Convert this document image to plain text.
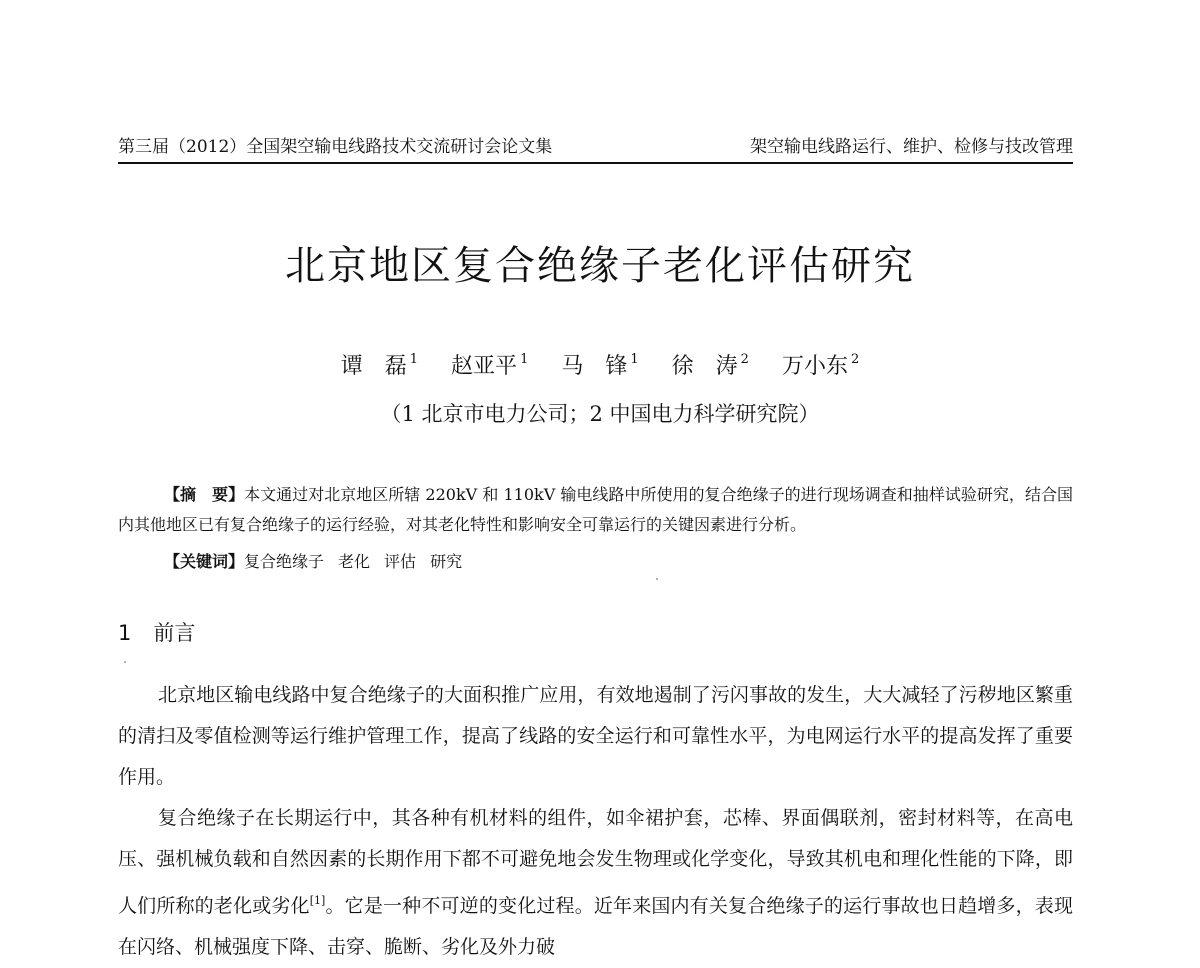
第三届（2012）全国架空输电线路技术交流研讨会论文集	架空输电线路运行、维护、检修与技改管理
北京地区复合绝缘子老化评估研究
谭　磊 $^1$ 赵亚平 $^1$ 马　锋 $^1$ 徐　涛 $^2$ 万小东 $^2$
（1 北京市电力公司；2 中国电力科学研究院）

【摘　要】本文通过对北京地区所辖 220kV 和 110kV 输电线路中所使用的复合绝缘子的进行现场调查和抽样试验研究，结合国内其他地区已有复合绝缘子的运行经验，对其老化特性和影响安全可靠运行的关键因素进行分析。

【关键词】复合绝缘子 老化 评估 研究
1 前言

北京地区输电线路中复合绝缘子的大面积推广应用，有效地遏制了污闪事故的发生，大大减轻了污秽地区繁重的清扫及零值检测等运行维护管理工作，提高了线路的安全运行和可靠性水平，为电网运行水平的提高发挥了重要作用。

复合绝缘子在长期运行中，其各种有机材料的组件，如伞裙护套，芯棒、界面偶联剂，密封材料等，在高电压、强机械负载和自然因素的长期作用下都不可避免地会发生物理或化学变化，导致其机电和理化性能的下降，即人们所称的老化或劣化[1]。它是一种不可逆的变化过程。近年来国内有关复合绝缘子的运行事故也日趋增多，表现在闪络、机械强度下降、击穿、脆断、劣化及外力破
